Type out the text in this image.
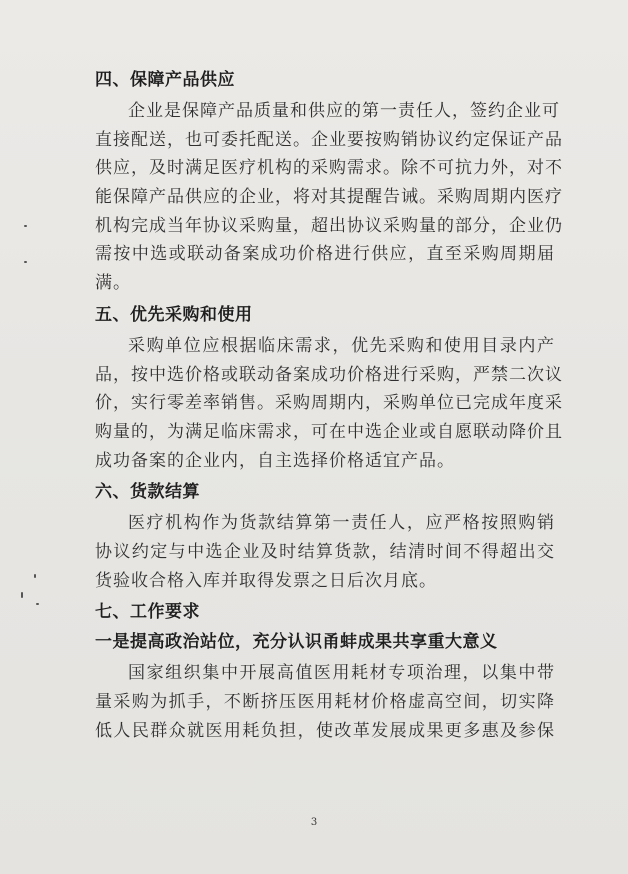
四、保障产品供应
企业是保障产品质量和供应的第一责任人，签约企业可
直接配送，也可委托配送。企业要按购销协议约定保证产品
供应，及时满足医疗机构的采购需求。除不可抗力外，对不
能保障产品供应的企业，将对其提醒告诫。采购周期内医疗
机构完成当年协议采购量，超出协议采购量的部分，企业仍
需按中选或联动备案成功价格进行供应，直至采购周期届
满。
五、优先采购和使用
采购单位应根据临床需求，优先采购和使用目录内产
品，按中选价格或联动备案成功价格进行采购，严禁二次议
价，实行零差率销售。采购周期内，采购单位已完成年度采
购量的，为满足临床需求，可在中选企业或自愿联动降价且
成功备案的企业内，自主选择价格适宜产品。
六、货款结算
医疗机构作为货款结算第一责任人，应严格按照购销
协议约定与中选企业及时结算货款，结清时间不得超出交
货验收合格入库并取得发票之日后次月底。
七、工作要求
一是提高政治站位，充分认识甬蚌成果共享重大意义
国家组织集中开展高值医用耗材专项治理，以集中带
量采购为抓手，不断挤压医用耗材价格虚高空间，切实降
低人民群众就医用耗负担，使改革发展成果更多惠及参保
3
